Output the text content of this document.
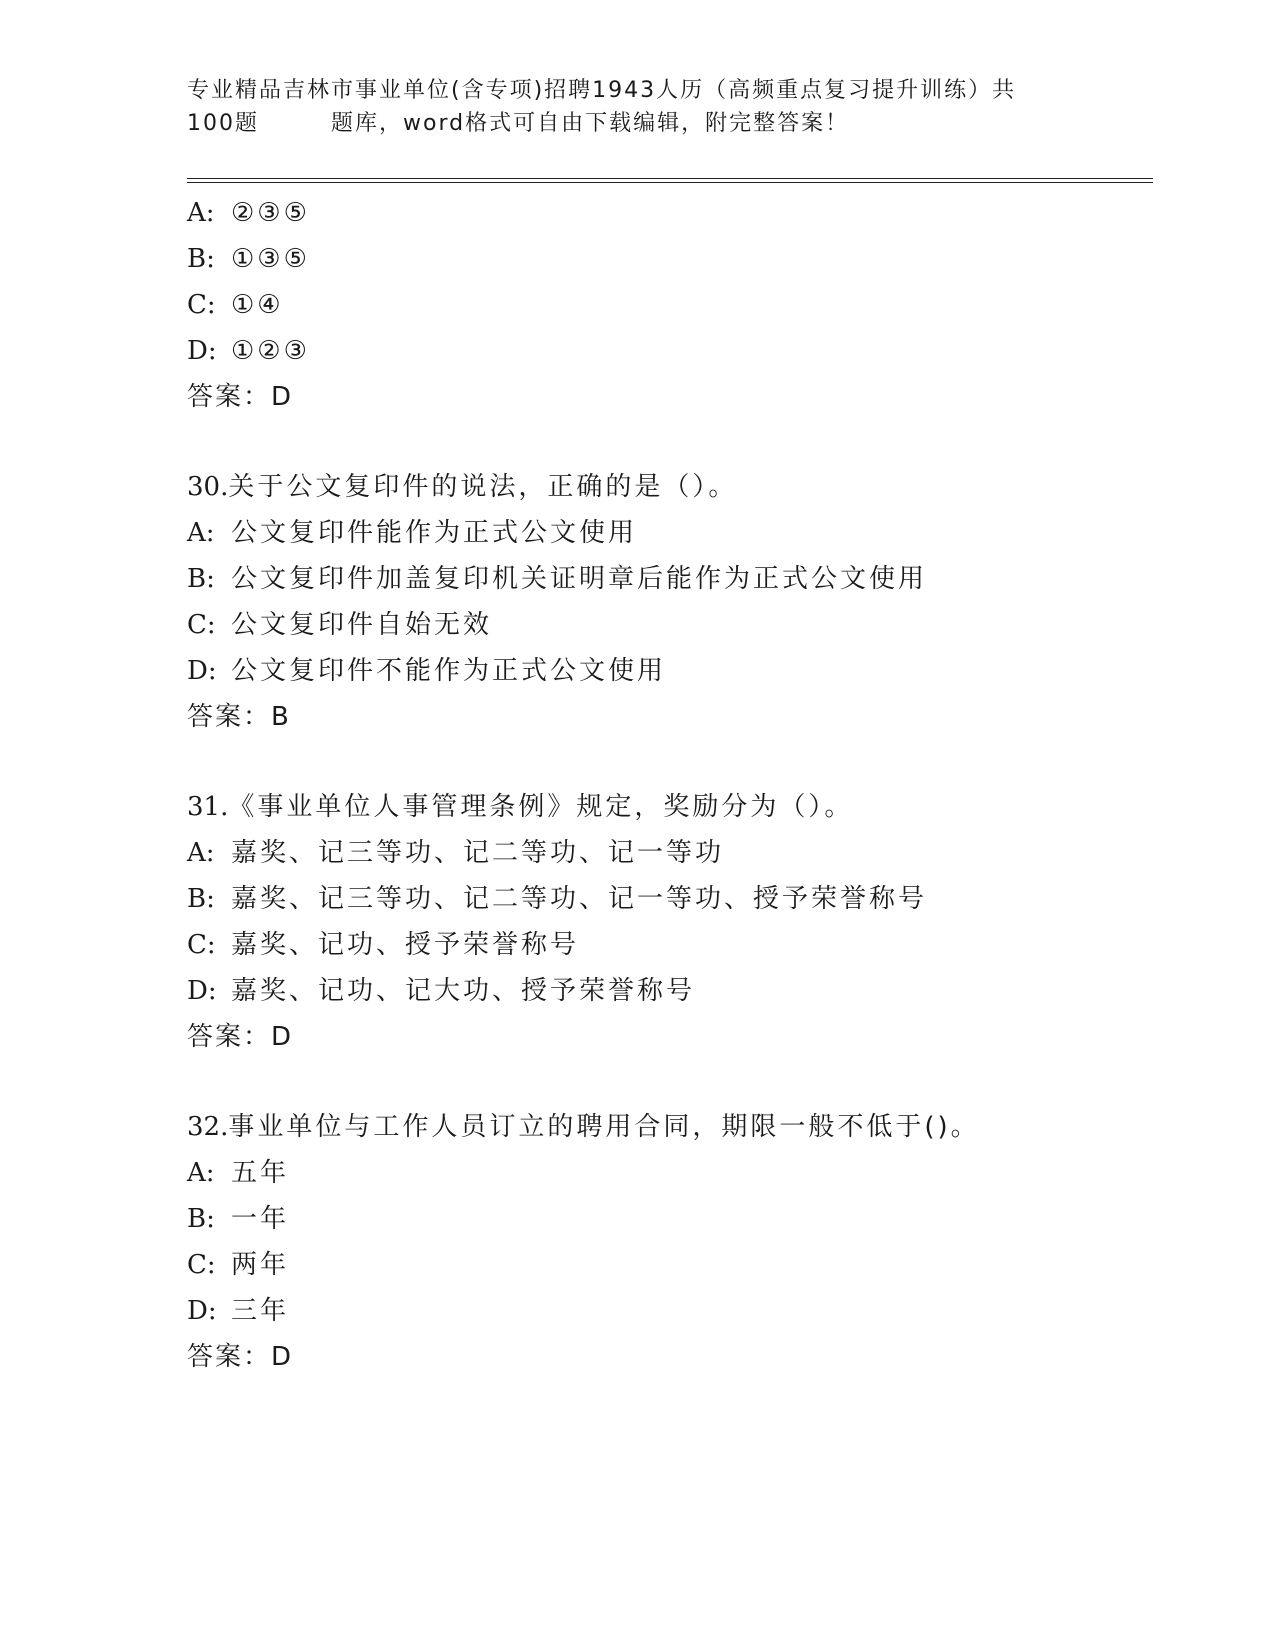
专业精品吉林市事业单位(含专项)招聘1943人历（高频重点复习提升训练）共
100题	题库，word格式可自由下载编辑，附完整答案！
A: ②③⑤
B: ①③⑤
C: ①④
D: ①②③
答案：D
30.关于公文复印件的说法，正确的是（）。
A: 公文复印件能作为正式公文使用
B: 公文复印件加盖复印机关证明章后能作为正式公文使用
C: 公文复印件自始无效
D: 公文复印件不能作为正式公文使用
答案：B
31.《事业单位人事管理条例》规定，奖励分为（）。
A: 嘉奖、记三等功、记二等功、记一等功
B: 嘉奖、记三等功、记二等功、记一等功、授予荣誉称号
C: 嘉奖、记功、授予荣誉称号
D: 嘉奖、记功、记大功、授予荣誉称号
答案：D
32.事业单位与工作人员订立的聘用合同，期限一般不低于()。
A: 五年
B: 一年
C: 两年
D: 三年
答案：D
